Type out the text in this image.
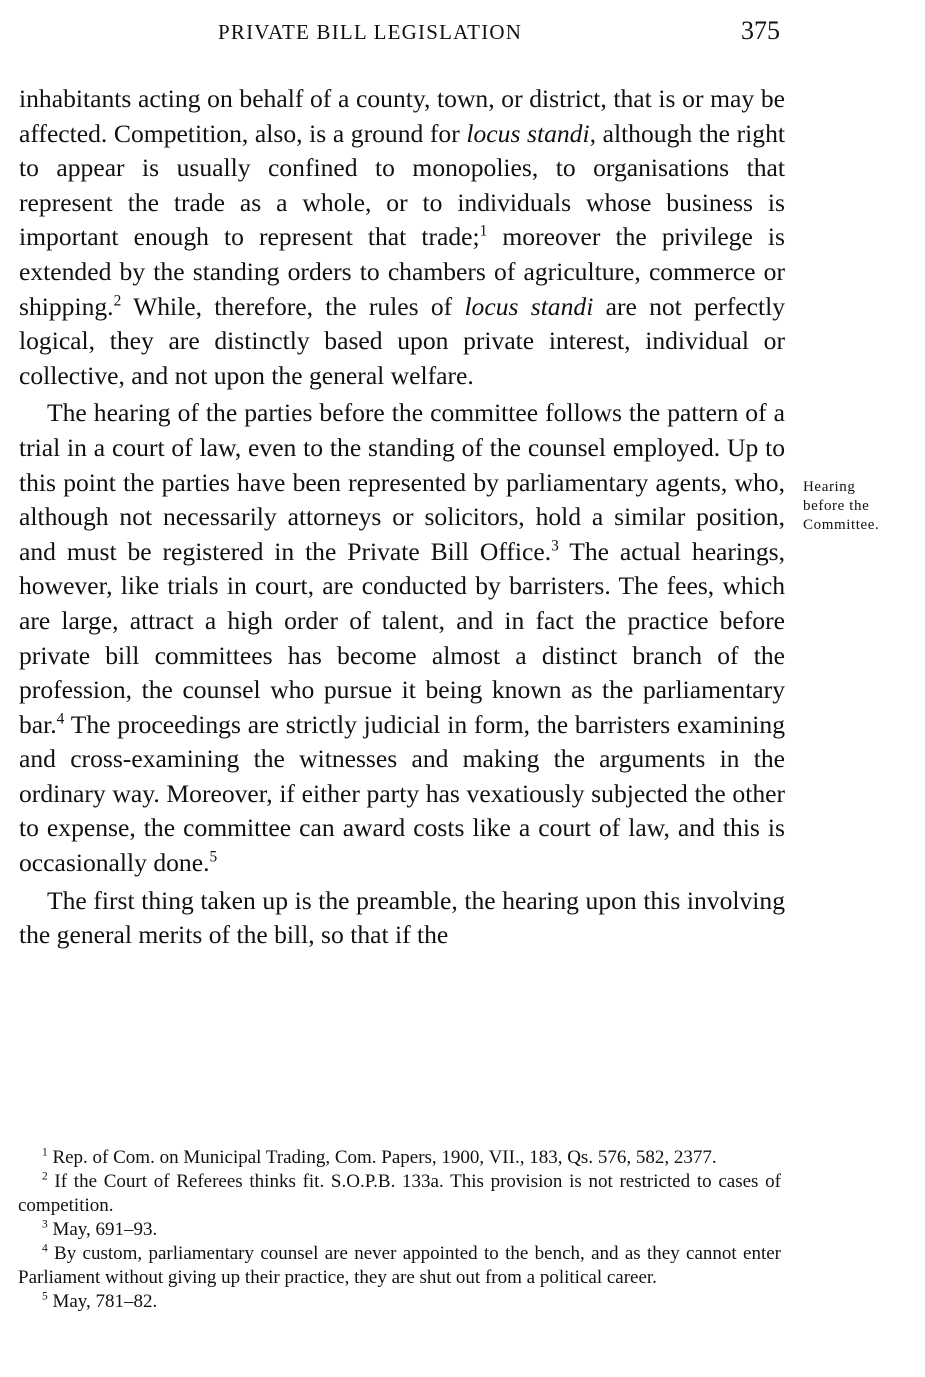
PRIVATE BILL LEGISLATION	375

inhabitants acting on behalf of a county, town, or district, that is or may be affected. Competition, also, is a ground for locus standi, although the right to appear is usually confined to monopolies, to organisations that represent the trade as a whole, or to individuals whose business is important enough to represent that trade;$^1$ moreover the privilege is extended by the standing orders to chambers of agriculture, commerce or shipping.$^2$ While, therefore, the rules of locus standi are not perfectly logical, they are distinctly based upon private interest, individual or collective, and not upon the general welfare.

The hearing of the parties before the committee follows the pattern of a trial in a court of law, even to the standing of the counsel employed. Up to this point the parties have been represented by parliamentary agents, who, although not necessarily attorneys or solicitors, hold a similar position, and must be registered in the Private Bill Office.$^3$ The actual hearings, however, like trials in court, are conducted by barristers. The fees, which are large, attract a high order of talent, and in fact the practice before private bill committees has become almost a distinct branch of the profession, the counsel who pursue it being known as the parliamentary bar.$^4$ The proceedings are strictly judicial in form, the barristers examining and cross-examining the witnesses and making the arguments in the ordinary way. Moreover, if either party has vexatiously subjected the other to expense, the committee can award costs like a court of law, and this is occasionally done.$^5$

The first thing taken up is the preamble, the hearing upon this involving the general merits of the bill, so that if the

Hearing
before the
Committee.

$^1$ Rep. of Com. on Municipal Trading, Com. Papers, 1900, VII., 183, Qs. 576, 582, 2377.

$^2$ If the Court of Referees thinks fit. S.O.P.B. 133a. This provision is not restricted to cases of competition.

$^3$ May, 691–93.

$^4$ By custom, parliamentary counsel are never appointed to the bench, and as they cannot enter Parliament without giving up their practice, they are shut out from a political career.

$^5$ May, 781–82.
